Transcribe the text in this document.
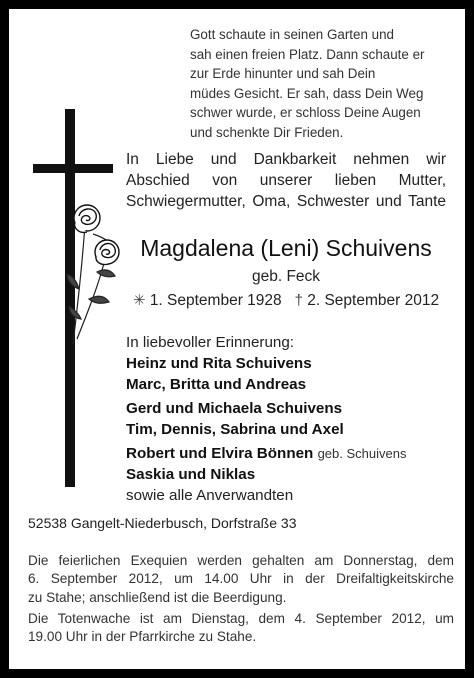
Gott schaute in seinen Garten und
sah einen freien Platz. Dann schaute er
zur Erde hinunter und sah Dein
müdes Gesicht. Er sah, dass Dein Weg
schwer wurde, er schloss Deine Augen
und schenkte Dir Frieden.
In Liebe und Dankbarkeit nehmen wir
Abschied von unserer lieben Mutter,
Schwiegermutter, Oma, Schwester und Tante
Magdalena (Leni) Schuivens
geb. Feck
✳ 1. September 1928 † 2. September 2012
In liebevoller Erinnerung:
Heinz und Rita Schuivens
Marc, Britta und Andreas
Gerd und Michaela Schuivens
Tim, Dennis, Sabrina und Axel
Robert und Elvira Bönnen geb. Schuivens
Saskia und Niklas
sowie alle Anverwandten
52538 Gangelt-Niederbusch, Dorfstraße 33
Die feierlichen Exequien werden gehalten am Donnerstag, dem
6. September 2012, um 14.00 Uhr in der Dreifaltigkeitskirche
zu Stahe; anschließend ist die Beerdigung.
Die Totenwache ist am Dienstag, dem 4. September 2012, um
19.00 Uhr in der Pfarrkirche zu Stahe.
